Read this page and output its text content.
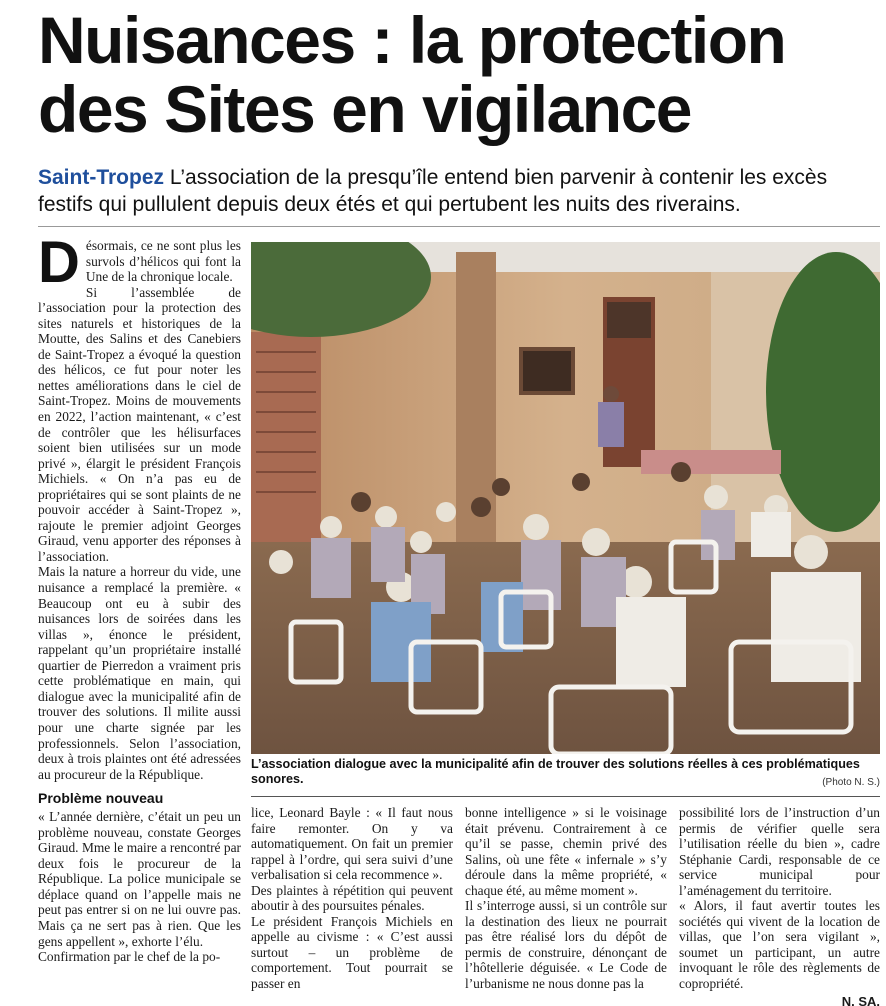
Nuisances : la protection
des Sites en vigilance
Saint-Tropez L’association de la presqu’île entend bien parvenir à contenir les excès festifs qui pullulent depuis deux étés et qui pertubent les nuits des riverains.

Désormais, ce ne sont plus les survols d’hélicos qui font la Une de la chronique locale.

Si l’assemblée de l’association pour la protection des sites naturels et historiques de la Moutte, des Salins et des Canebiers de Saint-Tropez a évoqué la question des hélicos, ce fut pour noter les nettes améliorations dans le ciel de Saint-Tropez. Moins de mouvements en 2022, l’action maintenant, « c’est de contrôler que les hélisurfaces soient bien utilisées sur un mode privé », élargit le président François Michiels. « On n’a pas eu de propriétaires qui se sont plaints de ne pouvoir accéder à Saint-Tropez », rajoute le premier adjoint Georges Giraud, venu apporter des réponses à l’association.

Mais la nature a horreur du vide, une nuisance a remplacé la première. « Beaucoup ont eu à subir des nuisances lors de soirées dans les villas », énonce le président, rappelant qu’un propriétaire installé quartier de Pierredon a vraiment pris cette problématique en main, qui dialogue avec la municipalité afin de trouver des solutions. Il milite aussi pour une charte signée par les professionnels. Selon l’association, deux à trois plaintes ont été adressées au procureur de la République.

Problème nouveau

« L’année dernière, c’était un peu un problème nouveau, constate Georges Giraud. Mme le maire a rencontré par deux fois le procureur de la République. La police municipale se déplace quand on l’appelle mais ne peut pas entrer si on ne lui ouvre pas. Mais ça ne sert pas à rien. Que les gens appellent », exhorte l’élu.

Confirmation par le chef de la po-

L’association dialogue avec la municipalité afin de trouver des solutions réelles à ces problématiques sonores.	(Photo N. S.)

lice, Leonard Bayle : « Il faut nous faire remonter. On y va automatiquement. On fait un premier rappel à l’ordre, qui sera suivi d’une verbalisation si cela recommence ».

Des plaintes à répétition qui peuvent aboutir à des poursuites pénales.

Le président François Michiels en appelle au civisme : « C’est aussi surtout – un problème de comportement. Tout pourrait se passer en

bonne intelligence » si le voisinage était prévenu. Contrairement à ce qu’il se passe, chemin privé des Salins, où une fête « infernale » s’y déroule dans la même propriété, « chaque été, au même moment ».

Il s’interroge aussi, si un contrôle sur la destination des lieux ne pourrait pas être réalisé lors du dépôt de permis de construire, dénonçant de l’hôtellerie déguisée. « Le Code de l’urbanisme ne nous donne pas la

possibilité lors de l’instruction d’un permis de vérifier quelle sera l’utilisation réelle du bien », cadre Stéphanie Cardi, responsable de ce service municipal pour l’aménagement du territoire.

« Alors, il faut avertir toutes les sociétés qui vivent de la location de villas, que l’on sera vigilant », soumet un participant, un autre invoquant le rôle des règlements de copropriété.

N. SA.
